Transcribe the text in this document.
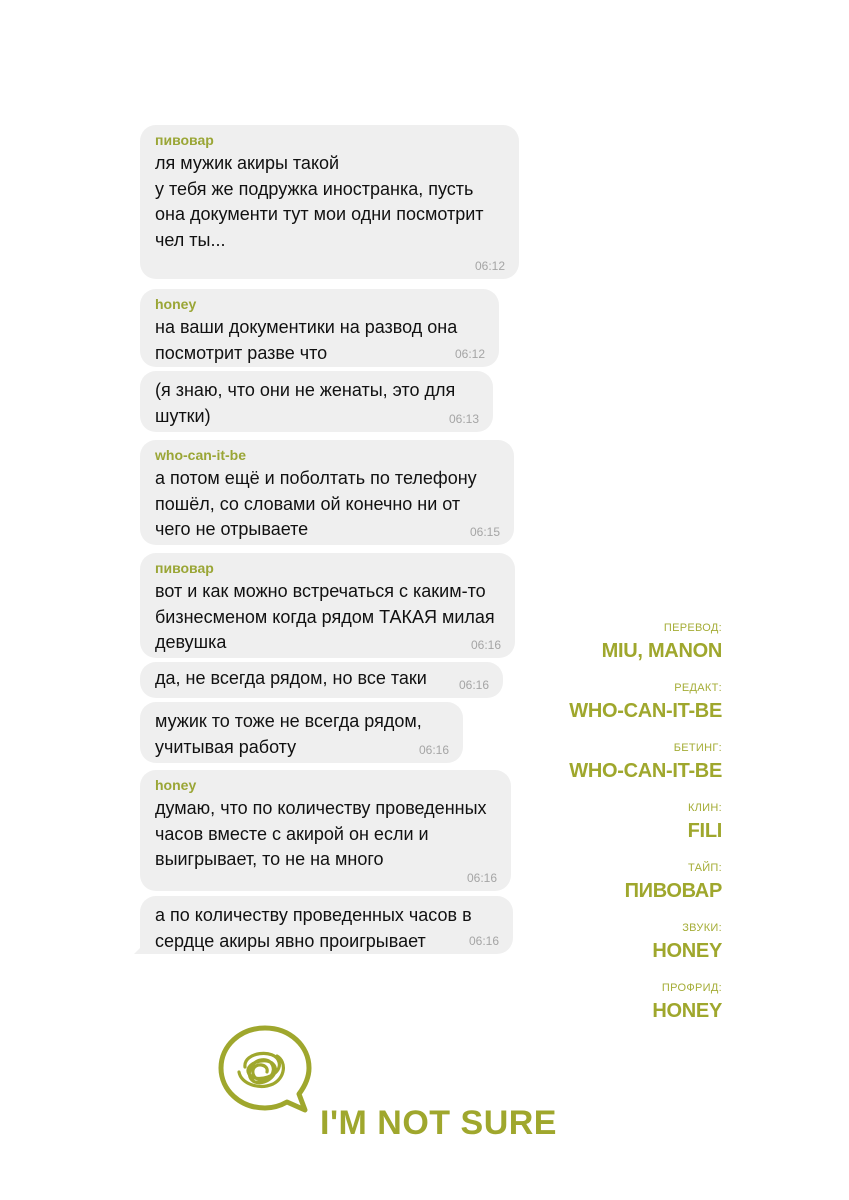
пивовар
ля мужик акиры такой
у тебя же подружка иностранка, пусть она документи тут мои одни посмотрит
чел ты...
06:12
honey
на ваши документики на развод она посмотрит разве что	06:12
(я знаю, что они не женаты, это для шутки)	06:13
who-can-it-be
а потом ещё и поболтать по телефону пошёл, со словами ой конечно ни от чего не отрываете	06:15
пивовар
вот и как можно встречаться с каким-то бизнесменом когда рядом ТАКАЯ милая девушка	06:16
да, не всегда рядом, но все таки	06:16
мужик то тоже не всегда рядом, учитывая работу	06:16
honey
думаю, что по количеству проведенных часов вместе с акирой он если и выигрывает, то не на много
06:16
а по количеству проведенных часов в сердце акиры явно проигрывает	06:16
ПЕРЕВОД:
MIU, MANON
РЕДАКТ:
WHO-CAN-IT-BE
БЕТИНГ:
WHO-CAN-IT-BE
КЛИН:
FILI
ТАЙП:
ПИВОВАР
ЗВУКИ:
HONEY
ПРОФРИД:
HONEY
I'M NOT SURE
